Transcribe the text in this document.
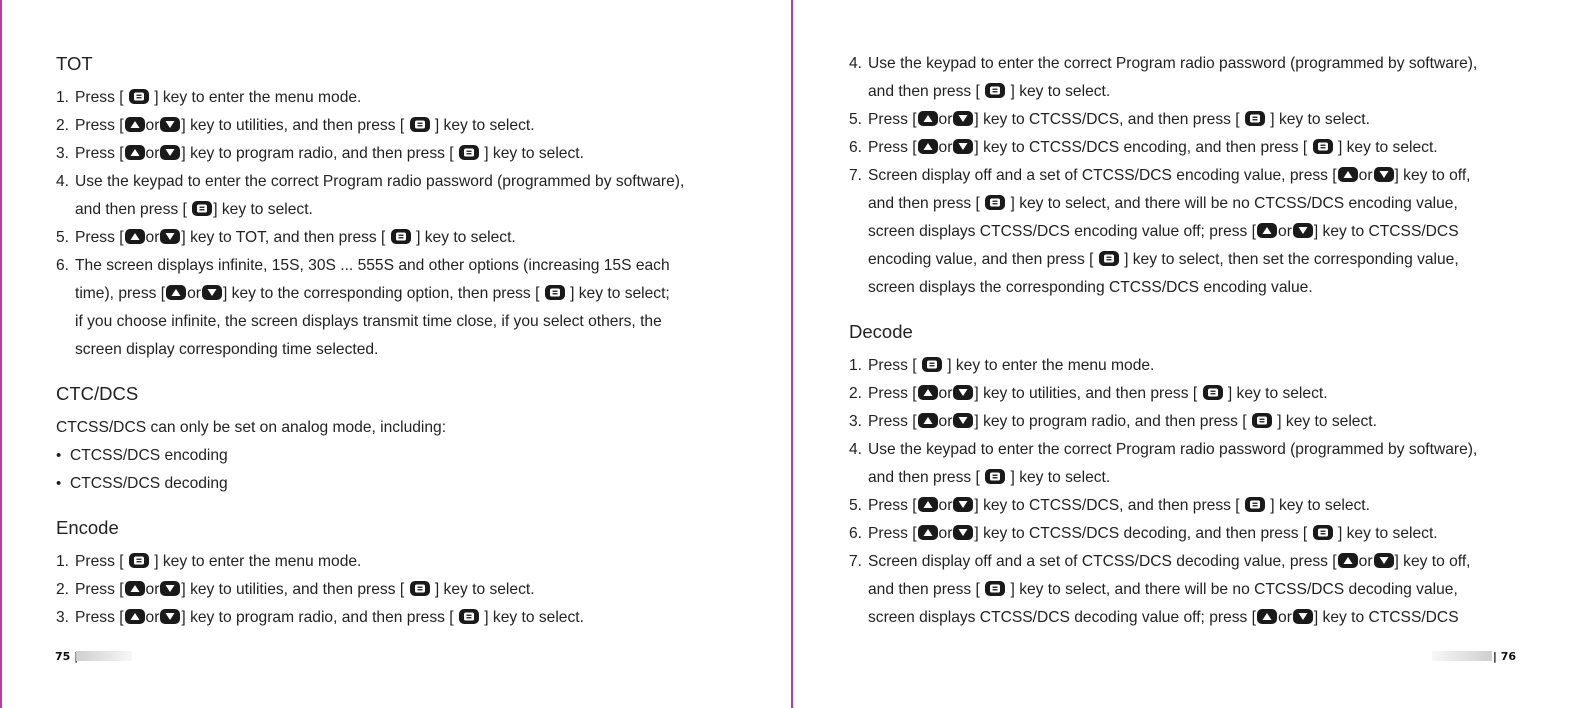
TOT
1. Press [ ] key to enter the menu mode.
2. Press [ or ] key to utilities, and then press [ ] key to select.
3. Press [ or ] key to program radio, and then press [ ] key to select.
4. Use the keypad to enter the correct Program radio password (programmed by software),
and then press [ ] key to select.
5. Press [ or ] key to TOT, and then press [ ] key to select.
6. The screen displays infinite, 15S, 30S ... 555S and other options (increasing 15S each
time), press [ or ] key to the corresponding option, then press [ ] key to select;
if you choose infinite, the screen displays transmit time close, if you select others, the
screen display corresponding time selected.
CTC/DCS
CTCSS/DCS can only be set on analog mode, including:
• CTCSS/DCS encoding
• CTCSS/DCS decoding
Encode
1. Press [ ] key to enter the menu mode.
2. Press [ or ] key to utilities, and then press [ ] key to select.
3. Press [ or ] key to program radio, and then press [ ] key to select.
75
4. Use the keypad to enter the correct Program radio password (programmed by software),
and then press [ ] key to select.
5. Press [ or ] key to CTCSS/DCS, and then press [ ] key to select.
6. Press [ or ] key to CTCSS/DCS encoding, and then press [ ] key to select.
7. Screen display off and a set of CTCSS/DCS encoding value, press [ or ] key to off,
and then press [ ] key to select, and there will be no CTCSS/DCS encoding value,
screen displays CTCSS/DCS encoding value off; press [ or ] key to CTCSS/DCS
encoding value, and then press [ ] key to select, then set the corresponding value,
screen displays the corresponding CTCSS/DCS encoding value.
Decode
1. Press [ ] key to enter the menu mode.
2. Press [ or ] key to utilities, and then press [ ] key to select.
3. Press [ or ] key to program radio, and then press [ ] key to select.
4. Use the keypad to enter the correct Program radio password (programmed by software),
and then press [ ] key to select.
5. Press [ or ] key to CTCSS/DCS, and then press [ ] key to select.
6. Press [ or ] key to CTCSS/DCS decoding, and then press [ ] key to select.
7. Screen display off and a set of CTCSS/DCS decoding value, press [ or ] key to off,
and then press [ ] key to select, and there will be no CTCSS/DCS decoding value,
screen displays CTCSS/DCS decoding value off; press [ or ] key to CTCSS/DCS
| 76
